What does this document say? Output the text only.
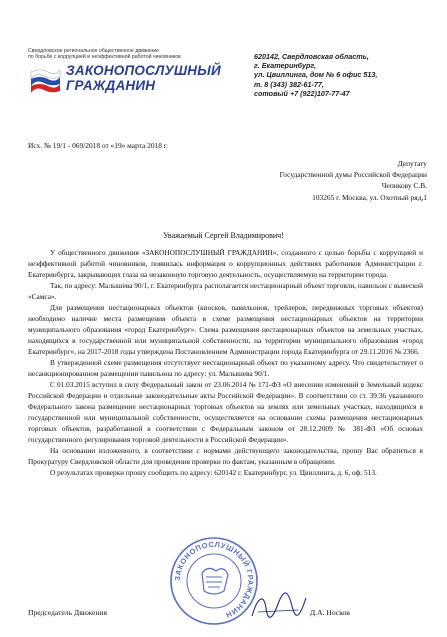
Свердловское региональное общественное движение
по борьбе с коррупцией и неэффективной работой чиновников
ЗАКОНОПОСЛУШНЫЙ
ГРАЖДАНИН
620142, Свердловская область,
г. Екатеринбург,
ул. Цвиллинга, дом № 6 офис 513,
т. 8 (343) 382-61-77,
сотовый +7 (922)107-77-47
Исх. № 19/1 - 069/2018 от «19» марта 2018 г.
Депутату
Государственной думы Российской Федерации
Чепикову С.В.
103265 г. Москва, ул. Охотный ряд,1
Уважаемый Сергей Владимирович!

У общественного движения «ЗАКОНОПОСЛУШНЫЙ ГРАЖДАНИН», созданного с целью борьбы с коррупцией и неэффективной работой чиновников, появилась информация о коррупционных действиях работников Администрации г. Екатеринбурга, закрывающих глаза на незаконную торговую деятельность, осуществляемую на территории города.

Так, по адресу: Малышева 90/1, г. Екатеринбурга располагается нестационарный объект торговли, павильон с вывеской «Самса».

Для размещения нестационарных объектов (киосков, павильонов, трейлеров, передвижных торговых объектов) необходимо наличие места размещения объекта в схеме размещения нестационарных объектов на территории муниципального образования «город Екатеринбург». Схема размещения нестационарных объектов на земельных участках, находящихся в государственной или муниципальной собственности, на территории муниципального образования «город Екатеринбург», на 2017-2018 годы утверждена Постановлением Администрации города Екатеринбурга от 29.11.2016 № 2366.

В утвержденной схеме размещения отсутствует нестационарный объект по указанному адресу. Что свидетельствует о несанкционированном размещении павильона по адресу: ул. Малышева 90/1.

С 01.03.2015 вступил в силу Федеральный закон от 23.06.2014 № 171-ФЗ «О внесении изменений в Земельный кодекс Российской Федерации и отдельные законодательные акты Российской Федерации». В соответствии со ст. 39.36 указанного Федерального закона размещение нестационарных торговых объектов на землях или земельных участках, находящихся в государственной или муниципальной собственности, осуществляется на основании схемы размещения нестационарных торговых объектов, разработанной в соответствии с Федеральным законом от 28.12.2009 № 381-ФЗ «Об основах государственного регулирования торговой деятельности в Российской Федерации».

На основании изложенного, в соответствии с нормами действующего законодательства, прошу Вас обратиться в Прокуратуру Свердловской области для проведения проверки по фактам, указанным в обращении.

О результатах проверки прошу сообщить по адресу: 620142 г. Екатеринбург, ул. Цвиллинга, д. 6, оф. 513.

ЗАКОНОПОСЛУШНЫЙ ГРАЖДАНИН
Председатель Движения	Д.А. Носков
